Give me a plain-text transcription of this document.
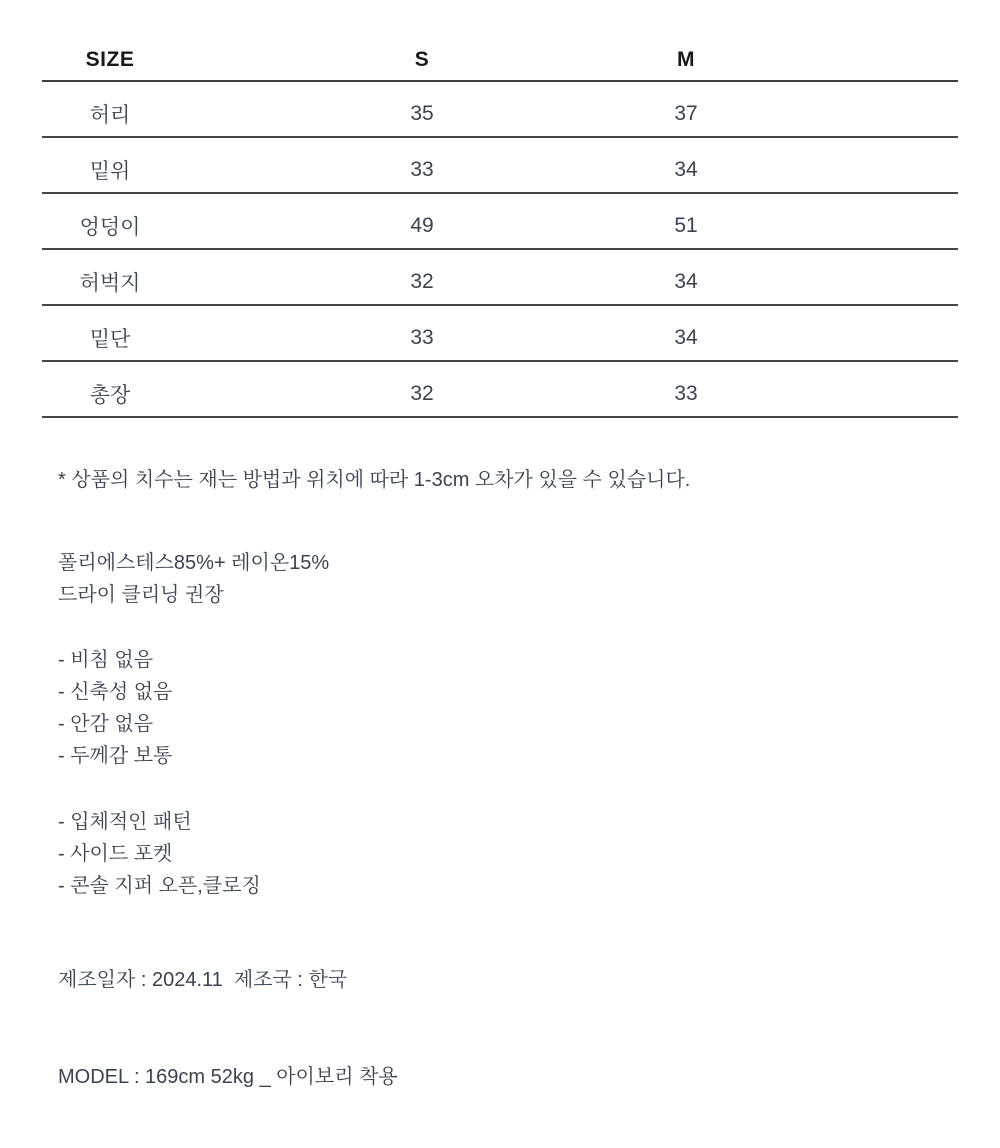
SIZE	S	M
허리	35	37
밑위	33	34
엉덩이	49	51
허벅지	32	34
밑단	33	34
총장	32	33

* 상품의 치수는 재는 방법과 위치에 따라 1-3cm 오차가 있을 수 있습니다.

폴리에스테스85%+ 레이온15%

드라이 클리닝 권장

- 비침 없음

- 신축성 없음

- 안감 없음

- 두께감 보통

- 입체적인 패턴

- 사이드 포켓

- 콘솔 지퍼 오픈,클로징

제조일자 : 2024.11  제조국 : 한국

MODEL : 169cm 52kg _ 아이보리 착용
